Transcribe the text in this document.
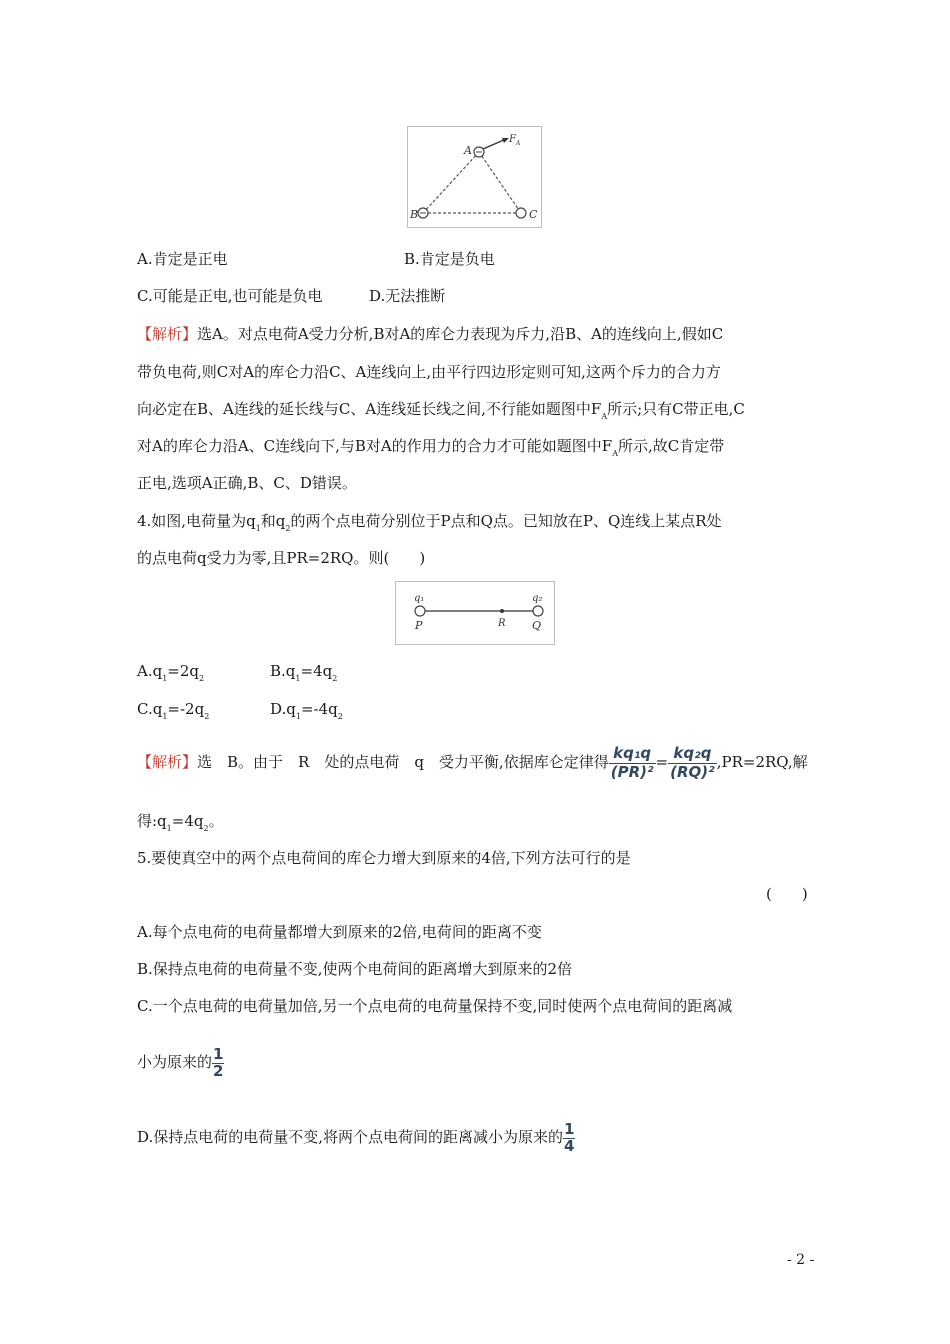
A
B	C
F A
A.肯定是正电	B.肯定是负电
C.可能是正电,也可能是负电	D.无法推断
【解析】选A。对点电荷A受力分析,B对A的库仑力表现为斥力,沿B、A的连线向上,假如C
带负电荷,则C对A的库仑力沿C、A连线向上,由平行四边形定则可知,这两个斥力的合力方
向必定在B、A连线的延长线与C、A连线延长线之间,不行能如题图中$F_A$所示;只有C带正电,C
对A的库仑力沿A、C连线向下,与B对A的作用力的合力才可能如题图中$F_A$所示,故C肯定带
正电,选项A正确,B、C、D错误。
4.如图,电荷量为$q_1$和$q_2$的两个点电荷分别位于P点和Q点。已知放在P、Q连线上某点R处
的点电荷q受力为零,且PR=2RQ。则(　　)
q₁	q₂
P	R Q
$A.q_1=2q_2$	$B.q_1=4q_2$
$C.q_1=-2q_2$	$D.q_1=-4q_2$
【解析】选　B。由于　R　处的点电荷　q　受力平衡,依据库仑定律得 $\frac{\text{kq₁q}}{\text{(PR)²}} = \frac{\text{kq₂q}}{\text{(RQ)²}} ,PR=2RQ$,解
得$:q_1=4q_2$。
5.要使真空中的两个点电荷间的库仑力增大到原来的4倍,下列方法可行的是
(　　)
A.每个点电荷的电荷量都增大到原来的2倍,电荷间的距离不变
B.保持点电荷的电荷量不变,使两个电荷间的距离增大到原来的2倍
C.一个点电荷的电荷量加倍,另一个点电荷的电荷量保持不变,同时使两个点电荷间的距离减
小为原来的 $\frac{1}{2}$
D.保持点电荷的电荷量不变,将两个点电荷间的距离减小为原来的 $\frac{1}{4}$
- 2 -
